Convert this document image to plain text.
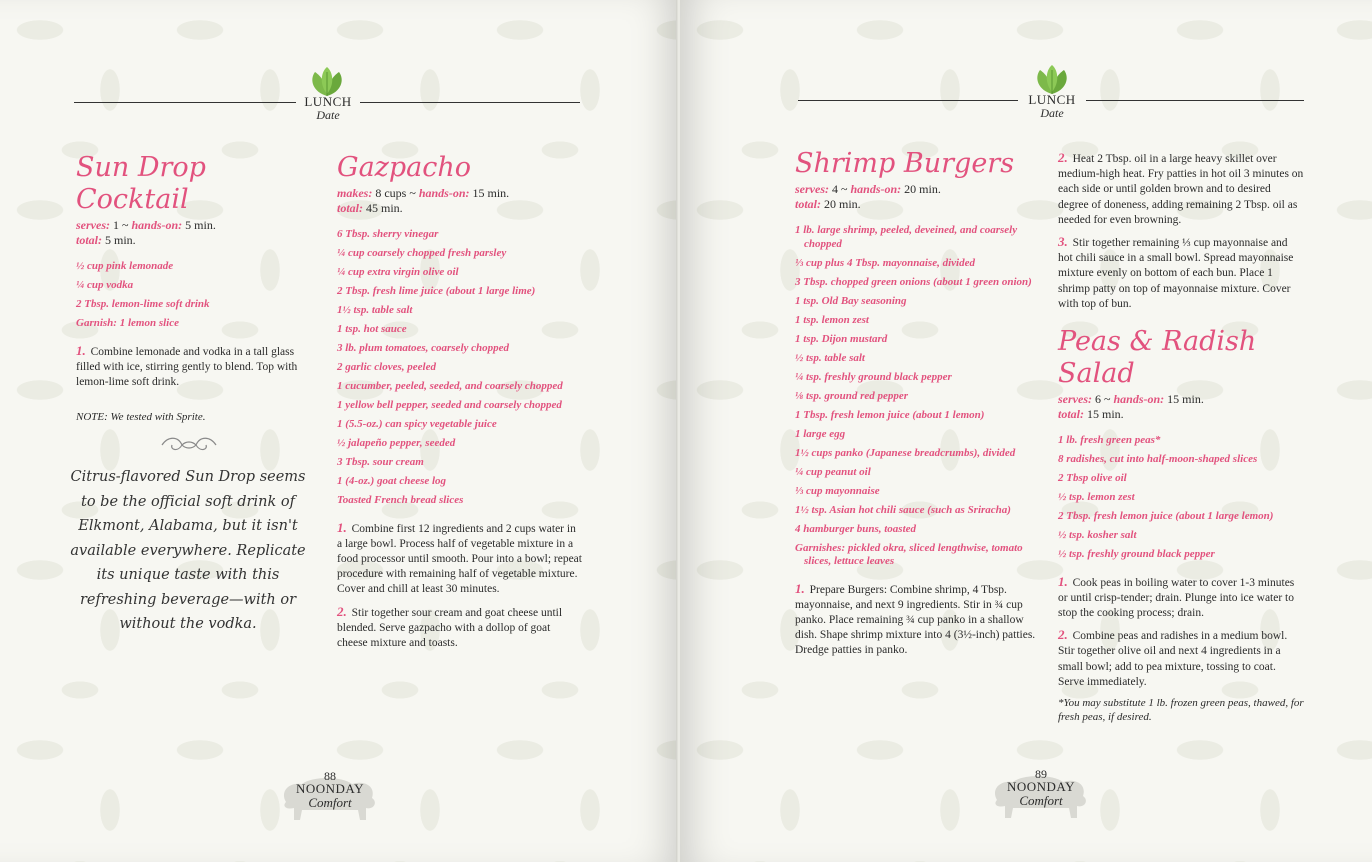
LUNCH
Date
Sun Drop Cocktail
serves: 1 ~ hands-on: 5 min.
total: 5 min.
½ cup pink lemonade
¼ cup vodka
2 Tbsp. lemon-lime soft drink
Garnish: 1 lemon slice

1. Combine lemonade and vodka in a tall glass filled with ice, stirring gently to blend. Top with lemon-lime soft drink.

NOTE: We tested with Sprite.

Citrus-flavored Sun Drop seems to be the official soft drink of Elkmont, Alabama, but it isn't available everywhere. Replicate its unique taste with this refreshing beverage—with or without the vodka.
Gazpacho
makes: 8 cups ~ hands-on: 15 min.
total: 45 min.
6 Tbsp. sherry vinegar
¼ cup coarsely chopped fresh parsley
¼ cup extra virgin olive oil
2 Tbsp. fresh lime juice (about 1 large lime)
1½ tsp. table salt
1 tsp. hot sauce
3 lb. plum tomatoes, coarsely chopped
2 garlic cloves, peeled
1 cucumber, peeled, seeded, and coarsely chopped
1 yellow bell pepper, seeded and coarsely chopped
1 (5.5-oz.) can spicy vegetable juice
½ jalapeño pepper, seeded
3 Tbsp. sour cream
1 (4-oz.) goat cheese log
Toasted French bread slices

1. Combine first 12 ingredients and 2 cups water in a large bowl. Process half of vegetable mixture in a food processor until smooth. Pour into a bowl; repeat procedure with remaining half of vegetable mixture. Cover and chill at least 30 minutes.

2. Stir together sour cream and goat cheese until blended. Serve gazpacho with a dollop of goat cheese mixture and toasts.

88
NOONDAY
Comfort
LUNCH
Date
Shrimp Burgers
serves: 4 ~ hands-on: 20 min.
total: 20 min.
1 lb. large shrimp, peeled, deveined, and coarsely chopped
⅓ cup plus 4 Tbsp. mayonnaise, divided
3 Tbsp. chopped green onions (about 1 green onion)
1 tsp. Old Bay seasoning
1 tsp. lemon zest
1 tsp. Dijon mustard
½ tsp. table salt
¼ tsp. freshly ground black pepper
⅛ tsp. ground red pepper
1 Tbsp. fresh lemon juice (about 1 lemon)
1 large egg
1½ cups panko (Japanese breadcrumbs), divided
¼ cup peanut oil
⅓ cup mayonnaise
1½ tsp. Asian hot chili sauce (such as Sriracha)
4 hamburger buns, toasted
Garnishes: pickled okra, sliced lengthwise, tomato slices, lettuce leaves

1. Prepare Burgers: Combine shrimp, 4 Tbsp. mayonnaise, and next 9 ingredients. Stir in ¾ cup panko. Place remaining ¾ cup panko in a shallow dish. Shape shrimp mixture into 4 (3½-inch) patties. Dredge patties in panko.

2. Heat 2 Tbsp. oil in a large heavy skillet over medium-high heat. Fry patties in hot oil 3 minutes on each side or until golden brown and to desired degree of doneness, adding remaining 2 Tbsp. oil as needed for even browning.

3. Stir together remaining ⅓ cup mayonnaise and hot chili sauce in a small bowl. Spread mayonnaise mixture evenly on bottom of each bun. Place 1 shrimp patty on top of mayonnaise mixture. Cover with top of bun.

Peas & Radish Salad
serves: 6 ~ hands-on: 15 min.
total: 15 min.
1 lb. fresh green peas*
8 radishes, cut into half-moon-shaped slices
2 Tbsp olive oil
½ tsp. lemon zest
2 Tbsp. fresh lemon juice (about 1 large lemon)
½ tsp. kosher salt
½ tsp. freshly ground black pepper

1. Cook peas in boiling water to cover 1-3 minutes or until crisp-tender; drain. Plunge into ice water to stop the cooking process; drain.

2. Combine peas and radishes in a medium bowl. Stir together olive oil and next 4 ingredients in a small bowl; add to pea mixture, tossing to coat. Serve immediately.

*You may substitute 1 lb. frozen green peas, thawed, for fresh peas, if desired.

89
NOONDAY
Comfort
